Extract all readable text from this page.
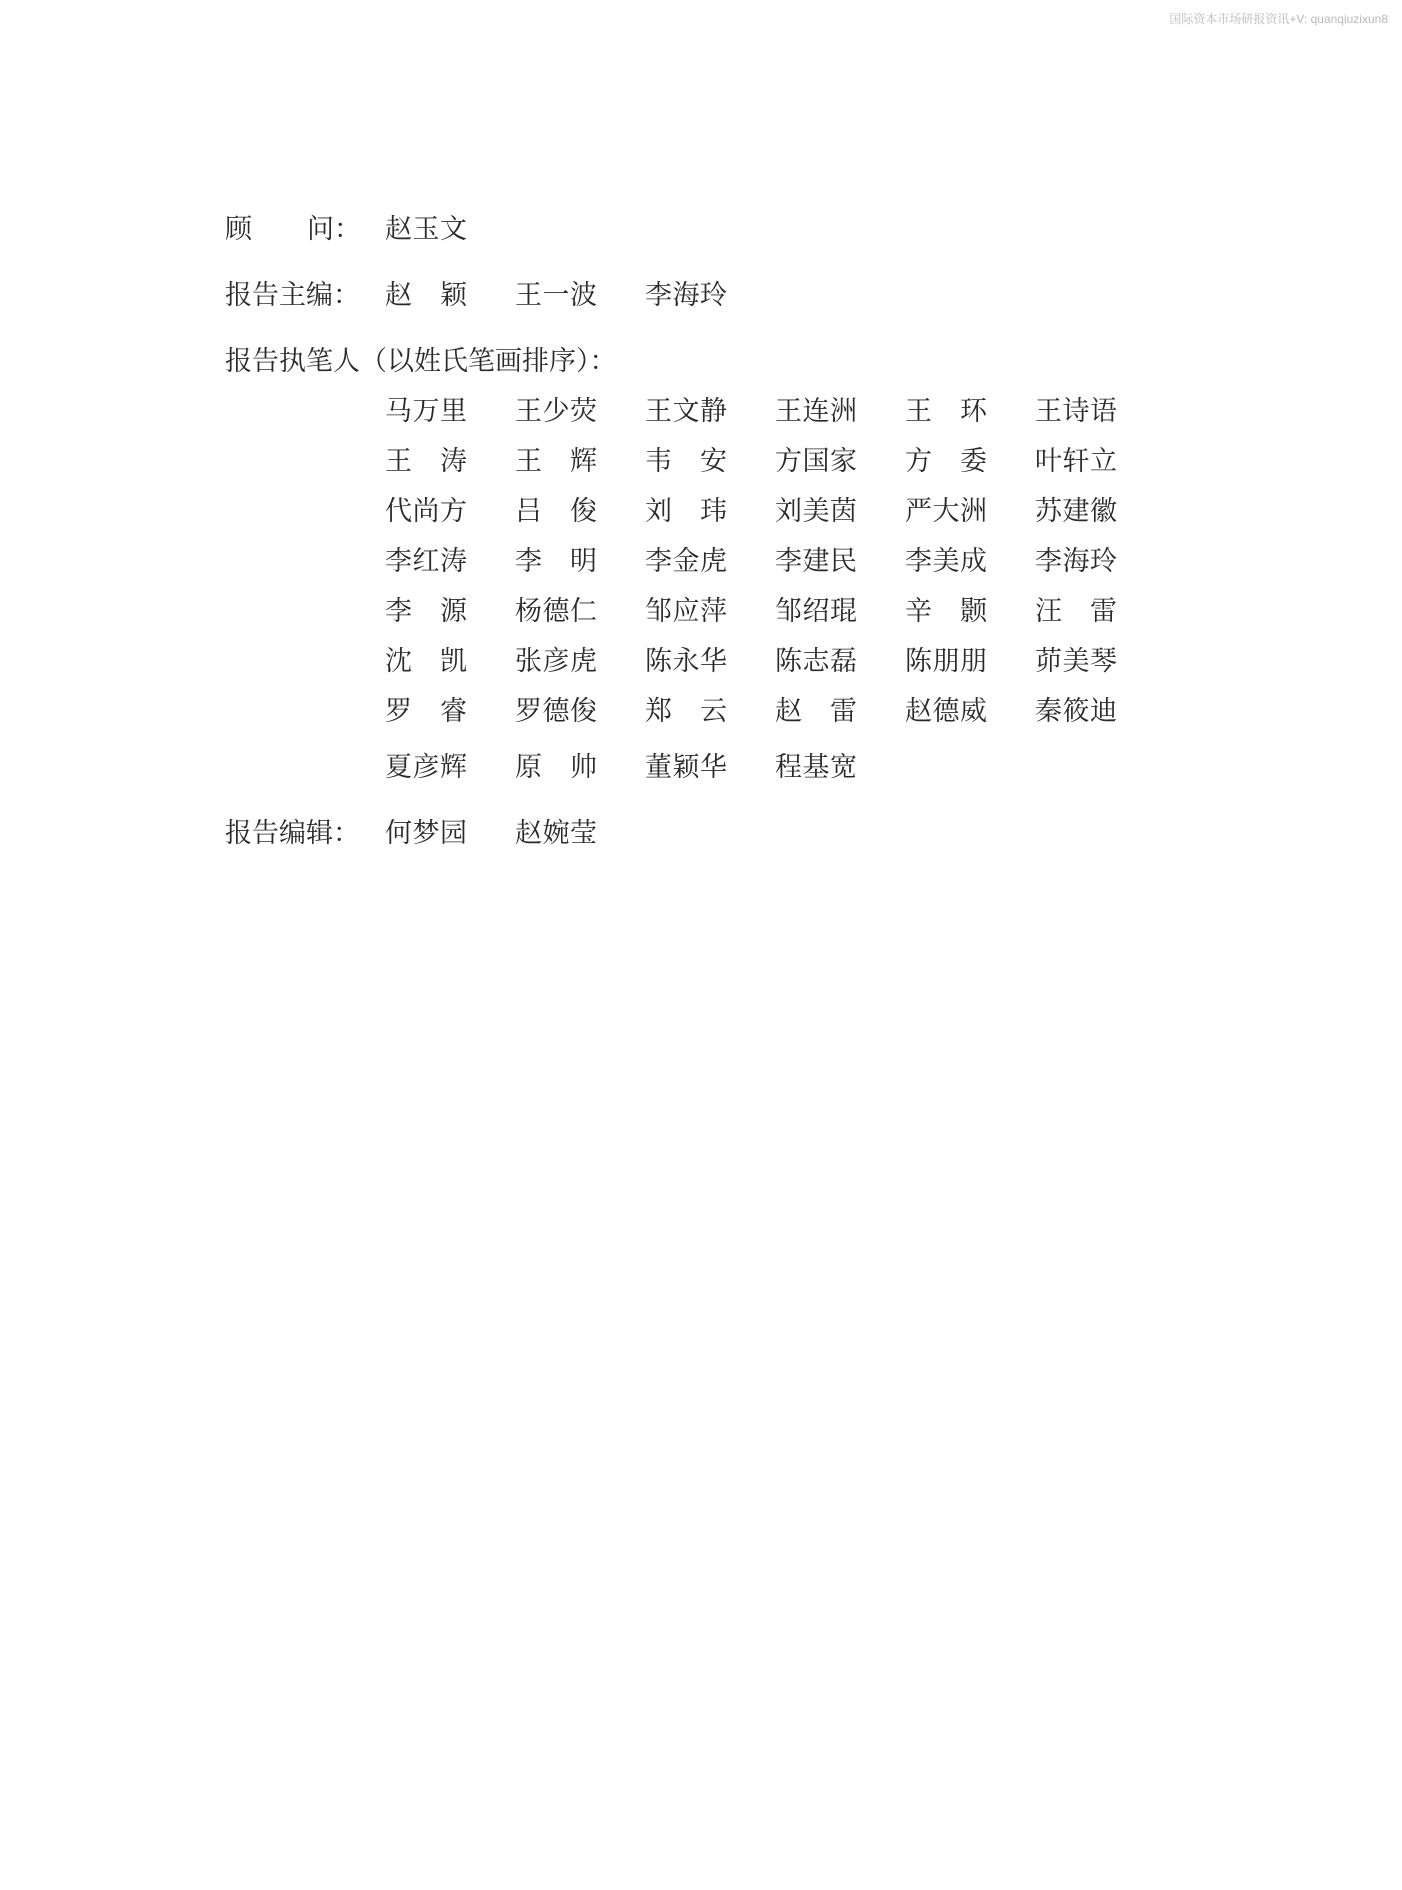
国际资本市场研报资讯+V: quanqiuzixun8
顾 问： 赵玉文
报告主编： 赵　颖	王一波	李海玲
报告执笔人（以姓氏笔画排序）：
马万里	王少荧	王文静	王连洲	王　环	王诗语
王　涛	王　辉	韦　安	方国家	方　委	叶轩立
代尚方	吕　俊	刘　玮	刘美茵	严大洲	苏建徽
李红涛	李　明	李金虎	李建民	李美成	李海玲
李　源	杨德仁	邹应萍	邹绍琨	辛　颢	汪　雷
沈　凯	张彦虎	陈永华	陈志磊	陈朋朋	茆美琴
罗　睿	罗德俊	郑　云	赵　雷	赵德威	秦筱迪
夏彦辉	原　帅	董颖华	程基宽
报告编辑： 何梦园	赵婉莹
